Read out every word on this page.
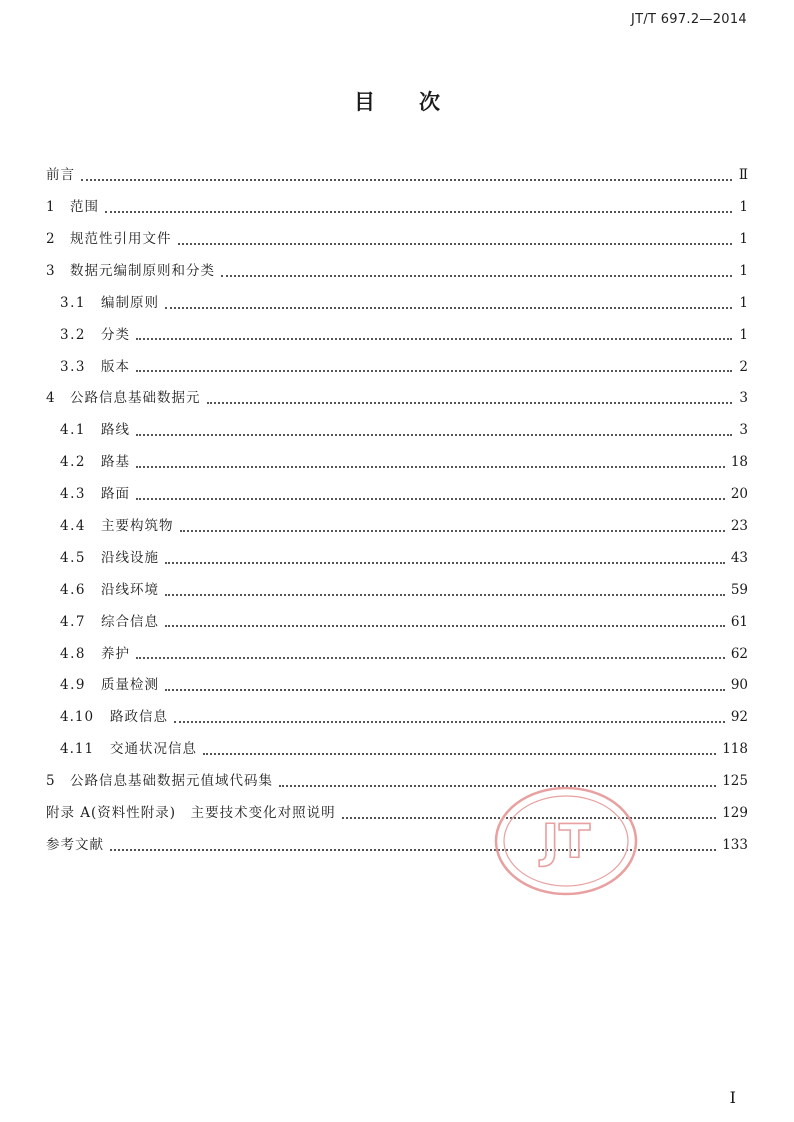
JT/T 697.2—2014
目 次
前言	Ⅱ
1	范围	1
2	规范性引用文件	1
3	数据元编制原则和分类	1
3.1	编制原则	1
3.2	分类	1
3.3	版本	2
4	公路信息基础数据元	3
4.1	路线	3
4.2	路基	18
4.3	路面	20
4.4	主要构筑物	23
4.5	沿线设施	43
4.6	沿线环境	59
4.7	综合信息	61
4.8	养护	62
4.9	质量检测	90
4.10	路政信息	92
4.11	交通状况信息	118
5	公路信息基础数据元值域代码集	125
附录 A(资料性附录)　主要技术变化对照说明	129
参考文献	133
JT
I
